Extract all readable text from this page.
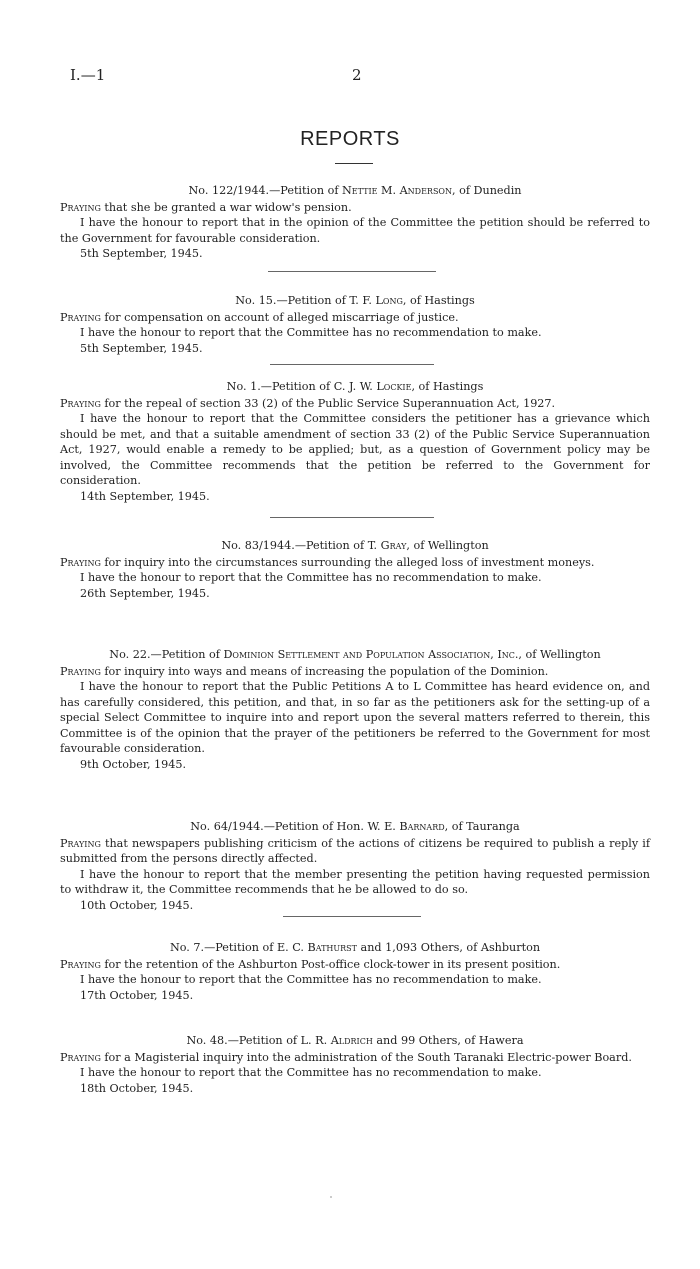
I.—1	2
REPORTS
No. 122/1944.—Petition of Nettie M. Anderson, of Dunedin

Praying that she be granted a war widow's pension.

I have the honour to report that in the opinion of the Committee the petition should be referred to the Government for favourable consideration.

5th September, 1945.

No. 15.—Petition of T. F. Long, of Hastings

Praying for compensation on account of alleged miscarriage of justice.

I have the honour to report that the Committee has no recommendation to make.

5th September, 1945.

No. 1.—Petition of C. J. W. Lockie, of Hastings

Praying for the repeal of section 33 (2) of the Public Service Superannuation Act, 1927.

I have the honour to report that the Committee considers the petitioner has a grievance which should be met, and that a suitable amendment of section 33 (2) of the Public Service Superannuation Act, 1927, would enable a remedy to be applied; but, as a question of Government policy may be involved, the Committee recommends that the petition be referred to the Government for consideration.

14th September, 1945.

No. 83/1944.—Petition of T. Gray, of Wellington

Praying for inquiry into the circumstances surrounding the alleged loss of investment moneys.

I have the honour to report that the Committee has no recommendation to make.

26th September, 1945.

No. 22.—Petition of Dominion Settlement and Population Association, Inc., of Wellington

Praying for inquiry into ways and means of increasing the population of the Dominion.

I have the honour to report that the Public Petitions A to L Committee has heard evidence on, and has carefully considered, this petition, and that, in so far as the petitioners ask for the setting-up of a special Select Committee to inquire into and report upon the several matters referred to therein, this Committee is of the opinion that the prayer of the petitioners be referred to the Government for most favourable consideration.

9th October, 1945.

No. 64/1944.—Petition of Hon. W. E. Barnard, of Tauranga

Praying that newspapers publishing criticism of the actions of citizens be required to publish a reply if submitted from the persons directly affected.

I have the honour to report that the member presenting the petition having requested permission to withdraw it, the Committee recommends that he be allowed to do so.

10th October, 1945.

No. 7.—Petition of E. C. Bathurst and 1,093 Others, of Ashburton

Praying for the retention of the Ashburton Post-office clock-tower in its present position.

I have the honour to report that the Committee has no recommendation to make.

17th October, 1945.

No. 48.—Petition of L. R. Aldrich and 99 Others, of Hawera

Praying for a Magisterial inquiry into the administration of the South Taranaki Electric-power Board.

I have the honour to report that the Committee has no recommendation to make.

18th October, 1945.
